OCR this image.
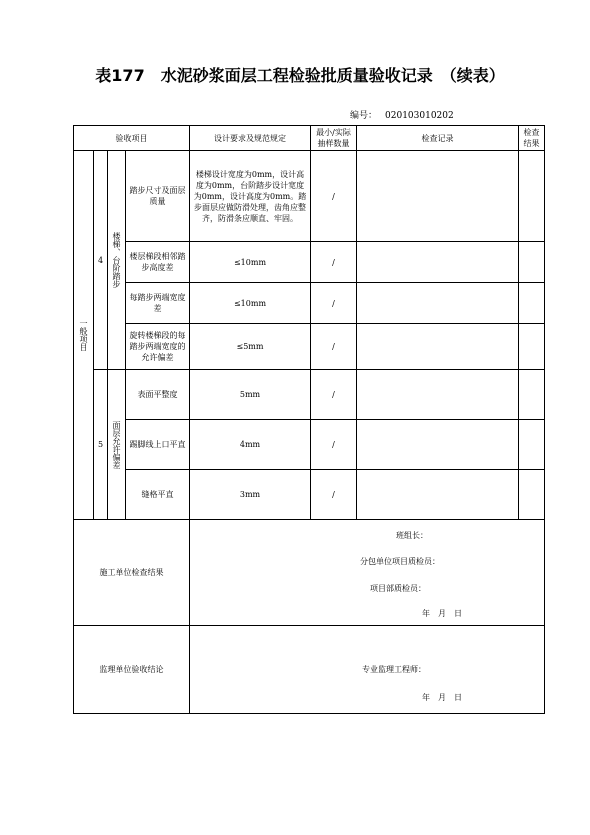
表177　水泥砂浆面层工程检验批质量验收记录　（续表）
编号： 020103010202
验收项目				设计要求及规范规定	最小/实际抽样数量	检查记录	检查结果
一般项目	4	楼梯、台阶踏步	踏步尺寸及面层质量	楼梯设计宽度为0mm，设计高度为0mm，台阶踏步设计宽度为0mm，设计高度为0mm。踏步面层应做防滑处理，齿角应整齐，防滑条应顺直、牢固。	/		
			楼层梯段相邻踏步高度差	≤10mm	/		
			每踏步两端宽度差	≤10mm	/		
			旋转楼梯段的每踏步两端宽度的允许偏差	≤5mm	/		
	5	面层允许偏差	表面平整度	5mm	/		
			踢脚线上口平直	4mm	/		
			缝格平直	3mm	/		
施工单位检查结果				班组长：
分包单位项目质检员：
项目部质检员：
年　月　日			

监理单位验收结论				专业监理工程师：
年　月　日			
